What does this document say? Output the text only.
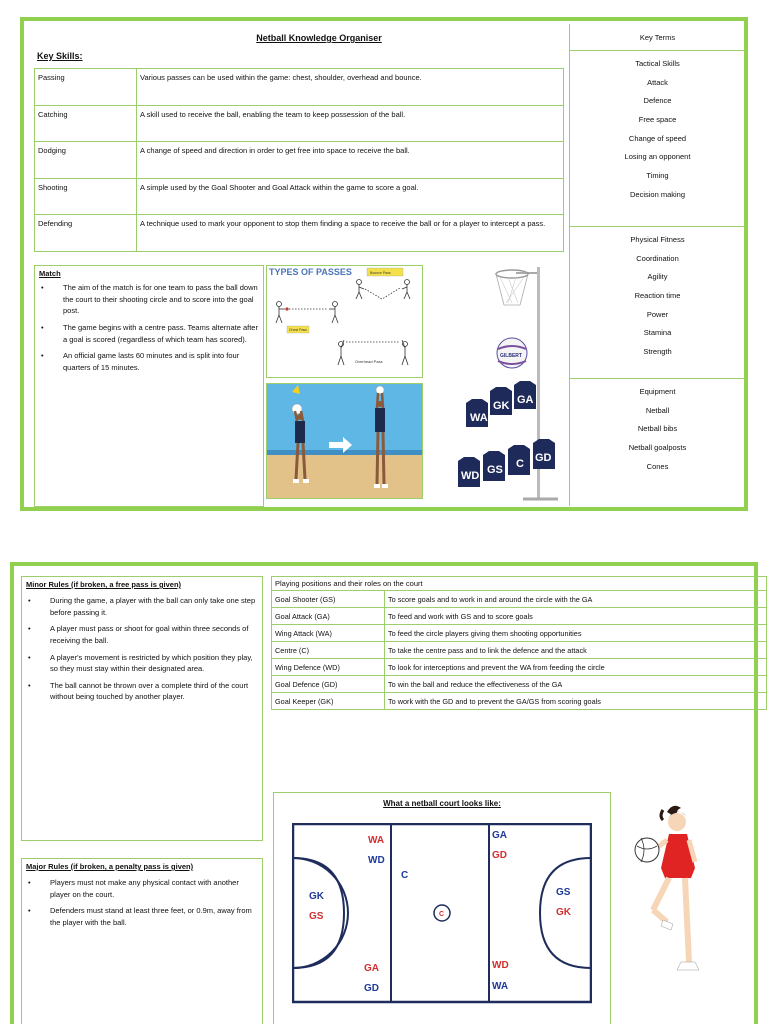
Netball Knowledge Organiser
Key Skills:
Passing	Various passes can be used within the game: chest, shoulder, overhead and bounce.
Catching	A skill used to receive the ball, enabling the team to keep possession of the ball.
Dodging	A change of speed and direction in order to get free into space to receive the ball.
Shooting	A simple used by the Goal Shooter and Goal Attack within the game to score a goal.
Defending	A technique used to mark your opponent to stop them finding a space to receive the ball or for a player to intercept a pass.
Key Terms
Tactical Skills
Attack
Defence
Free space
Change of speed
Losing an opponent
Timing
Decision making
Physical Fitness
Coordination
Agility
Reaction time
Power
Stamina
Strength
Equipment
Netball
Netball bibs
Netball goalposts
Cones
Match
• The aim of the match is for one team to pass the ball down the court to their shooting circle and to score into the goal post.
• The game begins with a centre pass. Teams alternate after a goal is scored (regardless of which team has scored).
• An official game lasts 60 minutes and is split into four quarters of 15 minutes.
TYPES OF PASSES	Bounce Pass
Chest Pass
Overhead Pass
GILBERT
WA
GK GA
WD GS C GD
Minor Rules (if broken, a free pass is given)
• During the game, a player with the ball can only take one step before passing it.
• A player must pass or shoot for goal within three seconds of receiving the ball.
• A player's movement is restricted by which position they play, so they must stay within their designated area.
• The ball cannot be thrown over a complete third of the court without being touched by another player.
Major Rules (if broken, a penalty pass is given)
• Players must not make any physical contact with another player on the court.
• Defenders must stand at least three feet, or 0.9m, away from the player with the ball.
Playing positions and their roles on the court
Goal Shooter (GS)	To score goals and to work in and around the circle with the GA
Goal Attack (GA)	To feed and work with GS and to score goals
Wing Attack (WA)	To feed the circle players giving them shooting opportunities
Centre (C)	To take the centre pass and to link the defence and the attack
Wing Defence (WD)	To look for interceptions and prevent the WA from feeding the circle
Goal Defence (GD)	To win the ball and reduce the effectiveness of the GA
Goal Keeper (GK)	To work with the GD and to prevent the GA/GS from scoring goals
What a netball court looks like:
WA
WD
GK
GS
GA
GD
C
C
GA
GD
GS
GK
WD
WA
